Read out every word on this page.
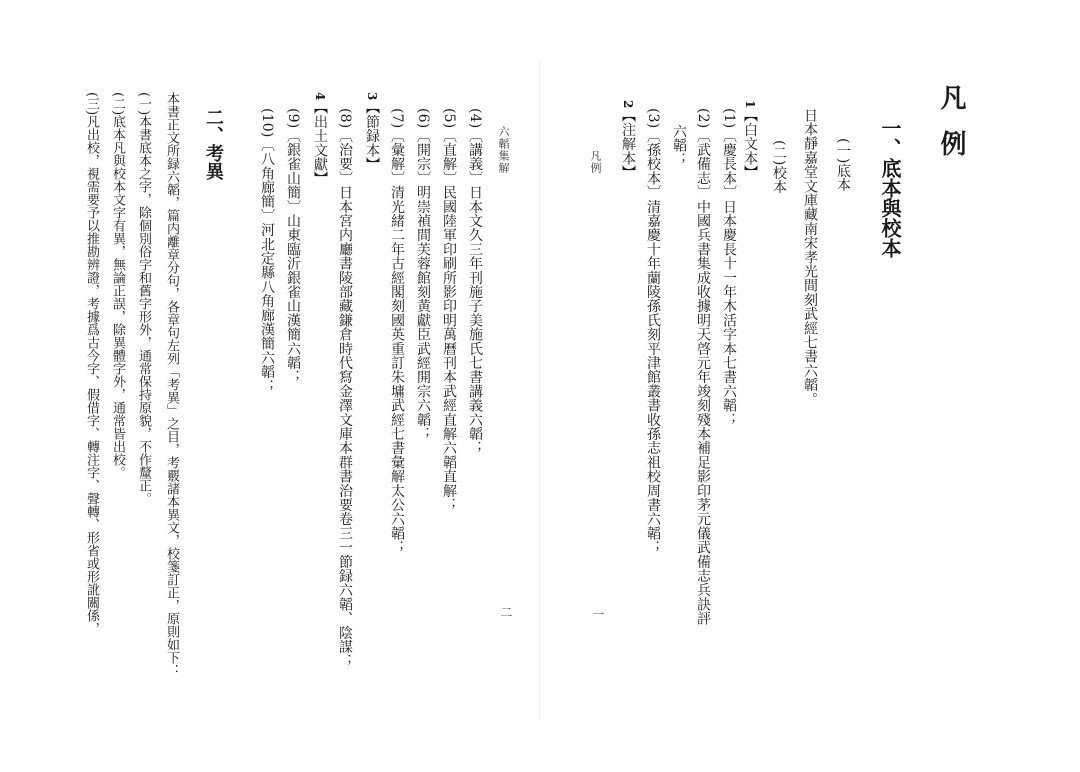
凡例
一、底本與校本
(一)底本
日本靜嘉堂文庫藏南宋孝光間刻武經七書六韜。
(二)校本
1【白文本】
(1)〔慶長本〕日本慶長十一年木活字本七書六韜；
(2)〔武備志〕中國兵書集成收據明天啓元年竣刻殘本補足影印茅元儀武備志兵訣評
六韜；
(3)〔孫校本〕清嘉慶十年蘭陵孫氏刻平津館叢書收孫志祖校周書六韜；
2【注解本】
凡例
一
六韜集解
二
(4)〔講義〕日本文久三年刊施子美施氏七書講義六韜；
(5)〔直解〕民國陸軍印刷所影印明萬曆刊本武經直解六韜直解；
(6)〔開宗〕明崇禎間芙蓉館刻黄獻臣武經開宗六韜；
(7)〔彙解〕清光緒二年古經閣刻國英重訂朱墉武經七書彙解太公六韜；
3【節録本】
(8)〔治要〕日本宮内廳書陵部藏鎌倉時代寫金澤文庫本群書治要卷三一節録六韜、陰謀；
4【出土文獻】
(9)〔銀雀山簡〕山東臨沂銀雀山漢簡六韜；
(10)〔八角廊簡〕河北定縣八角廊漢簡六韜；
二、考異
本書正文所録六韜，篇内離章分句，各章句左列「考異」之目，考覈諸本異文，校箋訂正，原則如下：
(一)本書底本之字，除個別俗字和舊字形外，通常保持原貌，不作釐正。
(二)底本凡與校本文字有異，無論正誤，除異體字外，通常皆出校。
(三)凡出校，視需要予以推勘辨證，考據爲古今字、假借字、轉注字、聲轉、形省或形訛關係，
